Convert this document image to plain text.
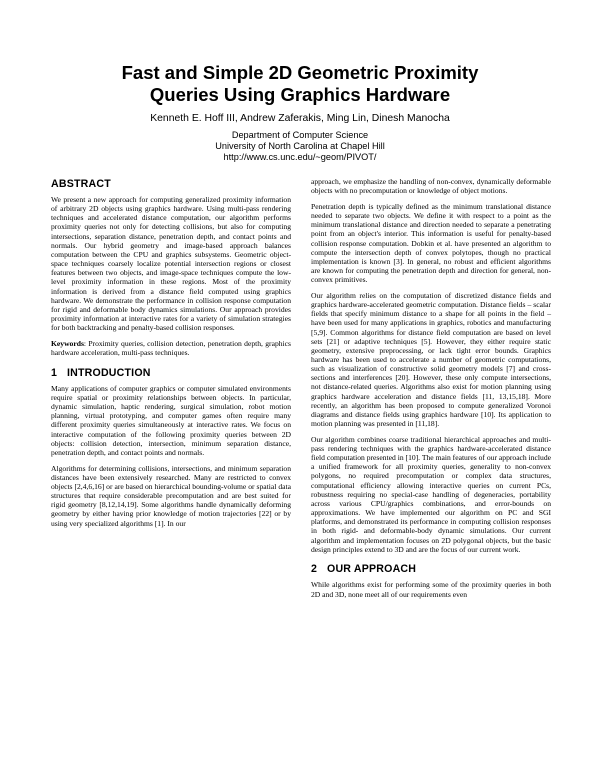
Fast and Simple 2D Geometric Proximity
Queries Using Graphics Hardware
Kenneth E. Hoff III, Andrew Zaferakis, Ming Lin, Dinesh Manocha
Department of Computer Science
University of North Carolina at Chapel Hill
http://www.cs.unc.edu/~geom/PIVOT/
ABSTRACT

We present a new approach for computing generalized proximity information of arbitrary 2D objects using graphics hardware. Using multi-pass rendering techniques and accelerated distance computation, our algorithm performs proximity queries not only for detecting collisions, but also for computing intersections, separation distance, penetration depth, and contact points and normals. Our hybrid geometry and image-based approach balances computation between the CPU and graphics subsystems. Geometric object-space techniques coarsely localize potential intersection regions or closest features between two objects, and image-space techniques compute the low-level proximity information in these regions. Most of the proximity information is derived from a distance field computed using graphics hardware. We demonstrate the performance in collision response computation for rigid and deformable body dynamics simulations. Our approach provides proximity information at interactive rates for a variety of simulation strategies for both backtracking and penalty-based collision responses.

Keywords: Proximity queries, collision detection, penetration depth, graphics hardware acceleration, multi-pass techniques.

1 INTRODUCTION

Many applications of computer graphics or computer simulated environments require spatial or proximity relationships between objects. In particular, dynamic simulation, haptic rendering, surgical simulation, robot motion planning, virtual prototyping, and computer games often require many different proximity queries simultaneously at interactive rates. We focus on interactive computation of the following proximity queries between 2D objects: collision detection, intersection, minimum separation distance, penetration depth, and contact points and normals.

Algorithms for determining collisions, intersections, and minimum separation distances have been extensively researched. Many are restricted to convex objects [2,4,6,16] or are based on hierarchical bounding-volume or spatial data structures that require considerable precomputation and are best suited for rigid geometry [8,12,14,19]. Some algorithms handle dynamically deforming geometry by either having prior knowledge of motion trajectories [22] or by using very specialized algorithms [1]. In our

approach, we emphasize the handling of non-convex, dynamically deformable objects with no precomputation or knowledge of object motions.

Penetration depth is typically defined as the minimum translational distance needed to separate two objects. We define it with respect to a point as the minimum translational distance and direction needed to separate a penetrating point from an object's interior. This information is useful for penalty-based collision response computation. Dobkin et al. have presented an algorithm to compute the intersection depth of convex polytopes, though no practical implementation is known [3]. In general, no robust and efficient algorithms are known for computing the penetration depth and direction for general, non-convex primitives.

Our algorithm relies on the computation of discretized distance fields and graphics hardware-accelerated geometric computation. Distance fields – scalar fields that specify minimum distance to a shape for all points in the field – have been used for many applications in graphics, robotics and manufacturing [5,9]. Common algorithms for distance field computation are based on level sets [21] or adaptive techniques [5]. However, they either require static geometry, extensive preprocessing, or lack tight error bounds. Graphics hardware has been used to accelerate a number of geometric computations, such as visualization of constructive solid geometry models [7] and cross-sections and interferences [20]. However, these only compute intersections, not distance-related queries. Algorithms also exist for motion planning using graphics hardware acceleration and distance fields [11, 13,15,18]. More recently, an algorithm has been proposed to compute generalized Voronoi diagrams and distance fields using graphics hardware [10]. Its application to motion planning was presented in [11,18].

Our algorithm combines coarse traditional hierarchical approaches and multi-pass rendering techniques with the graphics hardware-accelerated distance field computation presented in [10]. The main features of our approach include a unified framework for all proximity queries, generality to non-convex polygons, no required precomputation or complex data structures, computational efficiency allowing interactive queries on current PCs, robustness requiring no special-case handling of degeneracies, portability across various CPU/graphics combinations, and error-bounds on approximations. We have implemented our algorithm on PC and SGI platforms, and demonstrated its performance in computing collision responses in both rigid- and deformable-body dynamic simulations. Our current algorithm and implementation focuses on 2D polygonal objects, but the basic design principles extend to 3D and are the focus of our current work.

2 OUR APPROACH

While algorithms exist for performing some of the proximity queries in both 2D and 3D, none meet all of our requirements even
